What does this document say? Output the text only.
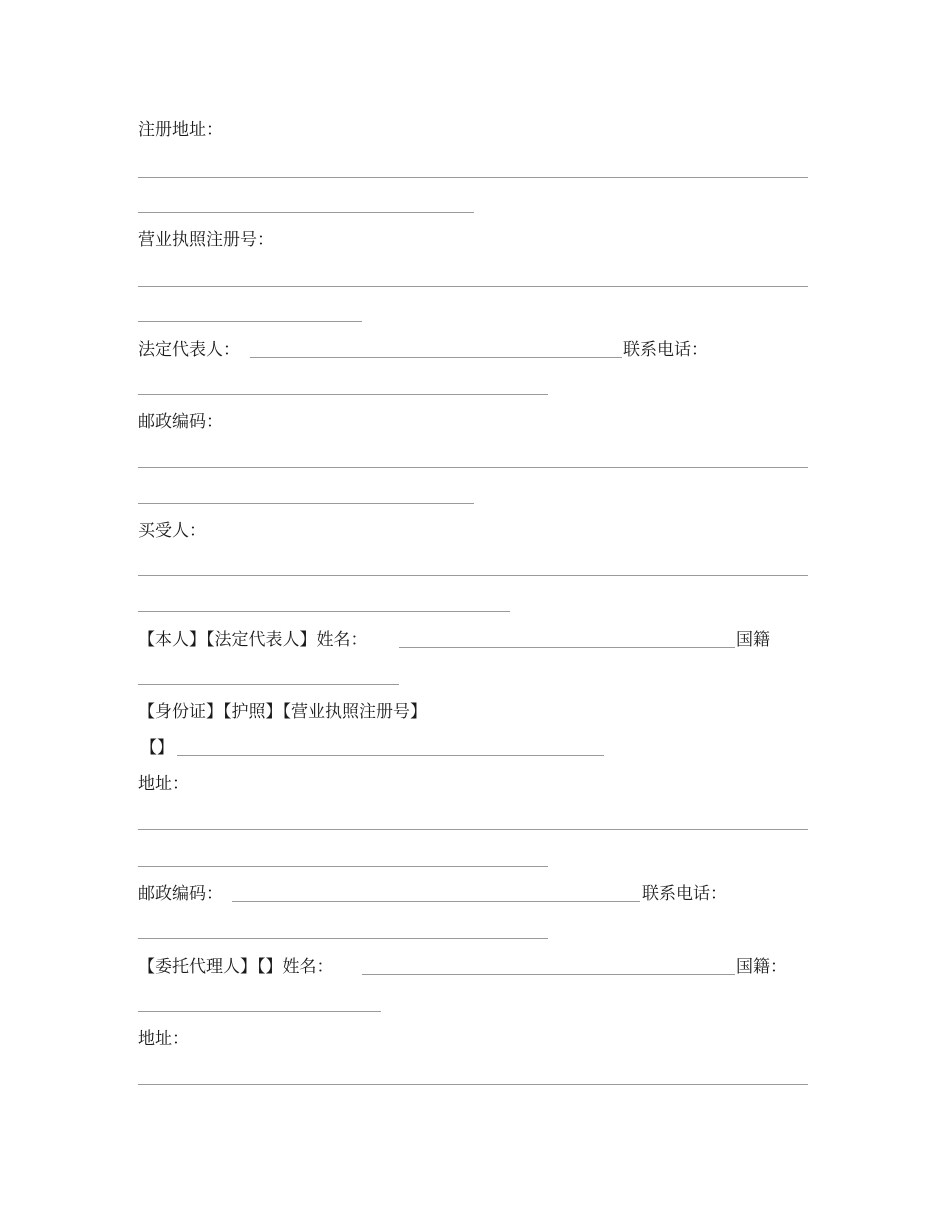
注册地址：
营业执照注册号：
法定代表人：	联系电话：
邮政编码：
买受人：
【本人】【法定代表人】姓名：	国籍
【身份证】【护照】【营业执照注册号】
【】
地址：
邮政编码：	联系电话：
【委托代理人】【】姓名：	国籍：
地址：
